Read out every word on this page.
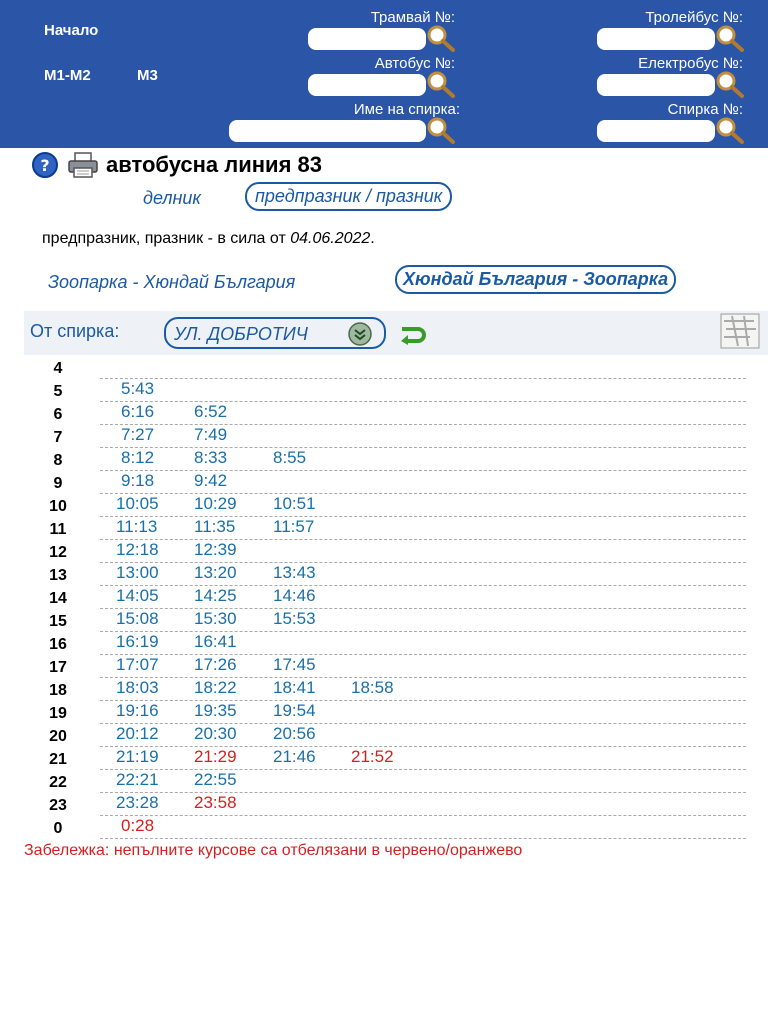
Начало
М1-М2	М3
Трамвай №:	Тролейбус №:
Автобус №:	Електробус №:
Име на спирка:	Спирка №:
?	автобусна линия 83
делник	предпразник / празник
предпразник, празник - в сила от 04.06.2022.
Зоопарка - Хюндай България	Хюндай България - Зоопарка
От спирка:	УЛ. ДОБРОТИЧ
4
5	5:43
6	6:16 6:52
7	7:27 7:49
8	8:12 8:33	8:55
9	9:18 9:42
10	10:05 10:29 10:51
11	11:13 11:35 11:57
12	12:18 12:39
13	13:00 13:20 13:43
14	14:05 14:25 14:46
15	15:08 15:30 15:53
16	16:19 16:41
17	17:07 17:26 17:45
18	18:03 18:22 18:41 18:58
19	19:16 19:35 19:54
20	20:12 20:30 20:56
21	21:19 21:29 21:46 21:52
22	22:21 22:55
23	23:28 23:58
0	0:28
Забележка: непълните курсове са отбелязани в червено/оранжево
